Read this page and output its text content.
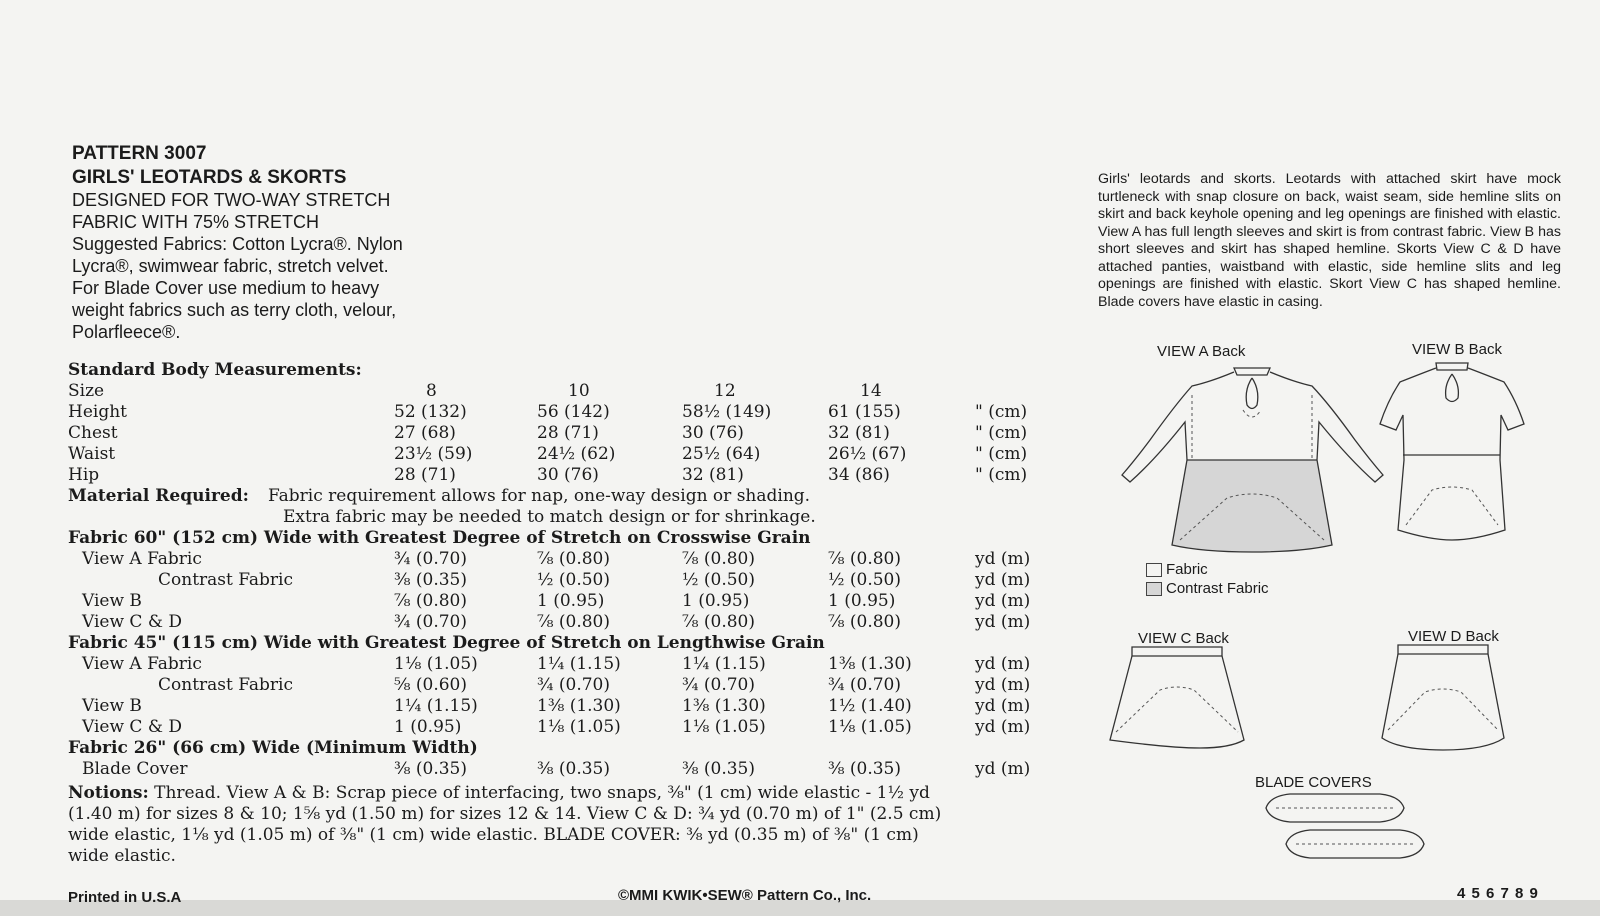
PATTERN 3007
GIRLS' LEOTARDS & SKORTS
DESIGNED FOR TWO-WAY STRETCH
FABRIC WITH 75% STRETCH
Suggested Fabrics: Cotton Lycra®. Nylon
Lycra®, swimwear fabric, stretch velvet.
For Blade Cover use medium to heavy
weight fabrics such as terry cloth, velour,
Polarfleece®.
Girls' leotards and skorts. Leotards with attached skirt have mock turtleneck with snap closure on back, waist seam, side hemline slits on skirt and back keyhole opening and leg openings are finished with elastic. View A has full length sleeves and skirt is from contrast fabric. View B has short sleeves and skirt has shaped hemline. Skorts View C & D have attached panties, waistband with elastic, side hemline slits and leg openings are finished with elastic. Skort View C has shaped hemline. Blade covers have elastic in casing.
Standard Body Measurements:
Size	8	10	12	14
Height	52 (132)	56 (142)	58½ (149)	61 (155)	" (cm)
Chest	27 (68)	28 (71)	30 (76)	32 (81)	" (cm)
Waist	23½ (59)	24½ (62)	25½ (64)	26½ (67)	" (cm)
Hip	28 (71)	30 (76)	32 (81)	34 (86)	" (cm)
Material Required: Fabric requirement allows for nap, one-way design or shading.
Extra fabric may be needed to match design or for shrinkage.
Fabric 60" (152 cm) Wide with Greatest Degree of Stretch on Crosswise Grain
View A Fabric	¾ (0.70)	⅞ (0.80)	⅞ (0.80)	⅞ (0.80)	yd (m)
Contrast Fabric	⅜ (0.35)	½ (0.50)	½ (0.50)	½ (0.50)	yd (m)
View B	⅞ (0.80)	1 (0.95)	1 (0.95)	1 (0.95)	yd (m)
View C & D	¾ (0.70)	⅞ (0.80)	⅞ (0.80)	⅞ (0.80)	yd (m)
Fabric 45" (115 cm) Wide with Greatest Degree of Stretch on Lengthwise Grain
View A Fabric	1⅛ (1.05)	1¼ (1.15)	1¼ (1.15)	1⅜ (1.30)	yd (m)
Contrast Fabric	⅝ (0.60)	¾ (0.70)	¾ (0.70)	¾ (0.70)	yd (m)
View B	1¼ (1.15)	1⅜ (1.30)	1⅜ (1.30)	1½ (1.40)	yd (m)
View C & D	1 (0.95)	1⅛ (1.05)	1⅛ (1.05)	1⅛ (1.05)	yd (m)
Fabric 26" (66 cm) Wide (Minimum Width)
Blade Cover	⅜ (0.35)	⅜ (0.35)	⅜ (0.35)	⅜ (0.35)	yd (m)
Notions: Thread. View A & B: Scrap piece of interfacing, two snaps, ⅜" (1 cm) wide elastic - 1½ yd
(1.40 m) for sizes 8 & 10; 1⅝ yd (1.50 m) for sizes 12 & 14. View C & D: ¾ yd (0.70 m) of 1" (2.5 cm)
wide elastic, 1⅛ yd (1.05 m) of ⅜" (1 cm) wide elastic. BLADE COVER: ⅜ yd (0.35 m) of ⅜" (1 cm)
wide elastic.
VIEW A Back	VIEW B Back
VIEW C Back	VIEW D Back
BLADE COVERS
Fabric
Contrast Fabric
Printed in U.S.A	©MMI KWIK•SEW® Pattern Co., Inc.	4 5 6 7 8 9
